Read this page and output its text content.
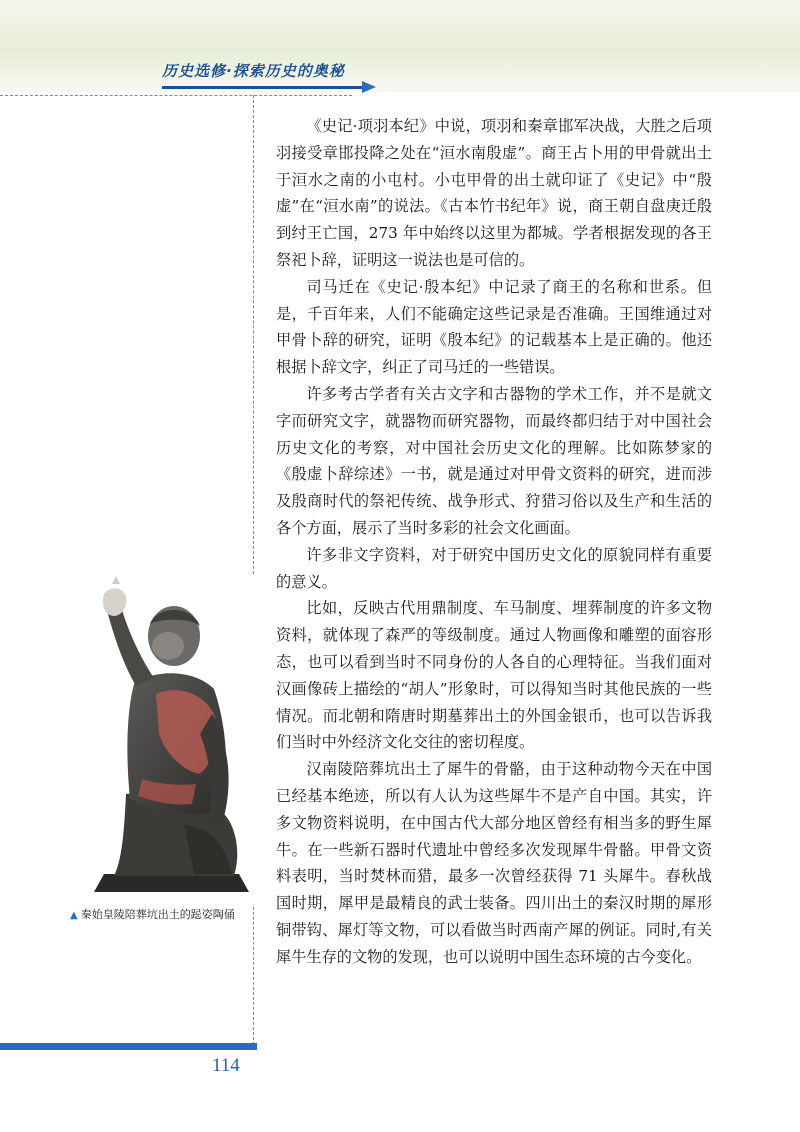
历史选修·探索历史的奥秘

《史记·项羽本纪》中说，项羽和秦章邯军决战，大胜之后项羽接受章邯投降之处在“洹水南殷虚”。商王占卜用的甲骨就出土于洹水之南的小屯村。小屯甲骨的出土就印证了《史记》中“殷虚”在“洹水南”的说法。《古本竹书纪年》说，商王朝自盘庚迁殷到纣王亡国，273 年中始终以这里为都城。学者根据发现的各王祭祀卜辞，证明这一说法也是可信的。

司马迁在《史记·殷本纪》中记录了商王的名称和世系。但是，千百年来，人们不能确定这些记录是否准确。王国维通过对甲骨卜辞的研究，证明《殷本纪》的记载基本上是正确的。他还根据卜辞文字，纠正了司马迁的一些错误。

许多考古学者有关古文字和古器物的学术工作，并不是就文字而研究文字，就器物而研究器物，而最终都归结于对中国社会历史文化的考察，对中国社会历史文化的理解。比如陈梦家的《殷虚卜辞综述》一书，就是通过对甲骨文资料的研究，进而涉及殷商时代的祭祀传统、战争形式、狩猎习俗以及生产和生活的各个方面，展示了当时多彩的社会文化画面。

许多非文字资料，对于研究中国历史文化的原貌同样有重要的意义。

比如，反映古代用鼎制度、车马制度、埋葬制度的许多文物资料，就体现了森严的等级制度。通过人物画像和雕塑的面容形态，也可以看到当时不同身份的人各自的心理特征。当我们面对汉画像砖上描绘的“胡人”形象时，可以得知当时其他民族的一些情况。而北朝和隋唐时期墓葬出土的外国金银币，也可以告诉我们当时中外经济文化交往的密切程度。

汉南陵陪葬坑出土了犀牛的骨骼，由于这种动物今天在中国已经基本绝迹，所以有人认为这些犀牛不是产自中国。其实，许多文物资料说明，在中国古代大部分地区曾经有相当多的野生犀牛。在一些新石器时代遗址中曾经多次发现犀牛骨骼。甲骨文资料表明，当时焚林而猎，最多一次曾经获得 71 头犀牛。春秋战国时期，犀甲是最精良的武士装备。四川出土的秦汉时期的犀形铜带钩、犀灯等文物，可以看做当时西南产犀的例证。同时,有关犀牛生存的文物的发现，也可以说明中国生态环境的古今变化。

▲ 秦始皇陵陪葬坑出土的跽姿陶俑
114
